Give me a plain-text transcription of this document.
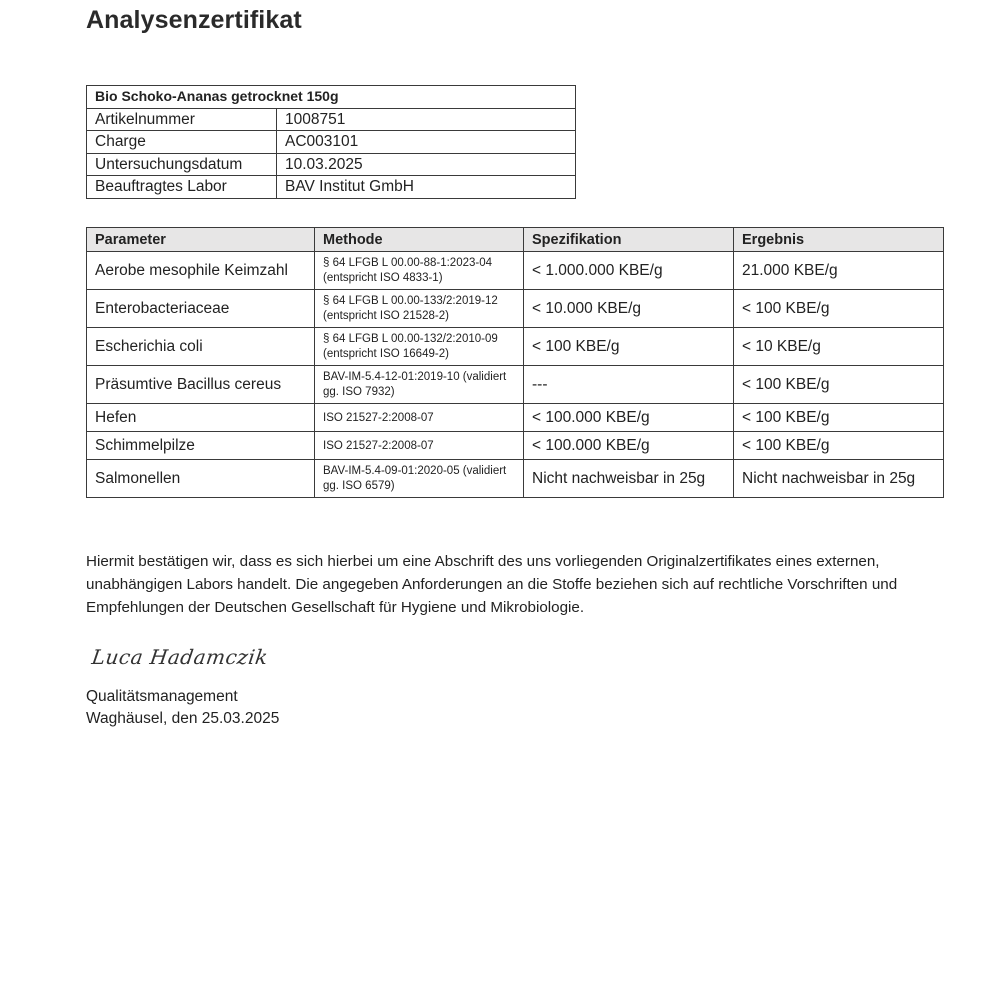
Analysenzertifikat
Bio Schoko-Ananas getrocknet 150g	
Artikelnummer	1008751
Charge	AC003101
Untersuchungsdatum	10.03.2025
Beauftragtes Labor	BAV Institut GmbH
Parameter	Methode	Spezifikation	Ergebnis
Aerobe mesophile Keimzahl	§ 64 LFGB L 00.00-88-1:2023-04 (entspricht ISO 4833-1)	< 1.000.000 KBE/g	21.000 KBE/g
Enterobacteriaceae	§ 64 LFGB L 00.00-133/2:2019-12 (entspricht ISO 21528-2)	< 10.000 KBE/g	< 100 KBE/g
Escherichia coli	§ 64 LFGB L 00.00-132/2:2010-09 (entspricht ISO 16649-2)	< 100 KBE/g	< 10 KBE/g
Präsumtive Bacillus cereus	BAV-IM-5.4-12-01:2019-10 (validiert gg. ISO 7932)	---	< 100 KBE/g
Hefen	ISO 21527-2:2008-07	< 100.000 KBE/g	< 100 KBE/g
Schimmelpilze	ISO 21527-2:2008-07	< 100.000 KBE/g	< 100 KBE/g
Salmonellen	BAV-IM-5.4-09-01:2020-05 (validiert gg. ISO 6579)	Nicht nachweisbar in 25g	Nicht nachweisbar in 25g
Hiermit bestätigen wir, dass es sich hierbei um eine Abschrift des uns vorliegenden Originalzertifikates eines externen, unabhängigen Labors handelt. Die angegeben Anforderungen an die Stoffe beziehen sich auf rechtliche Vorschriften und Empfehlungen der Deutschen Gesellschaft für Hygiene und Mikrobiologie.
Luca Hadamczik
Qualitätsmanagement
Waghäusel, den 25.03.2025
